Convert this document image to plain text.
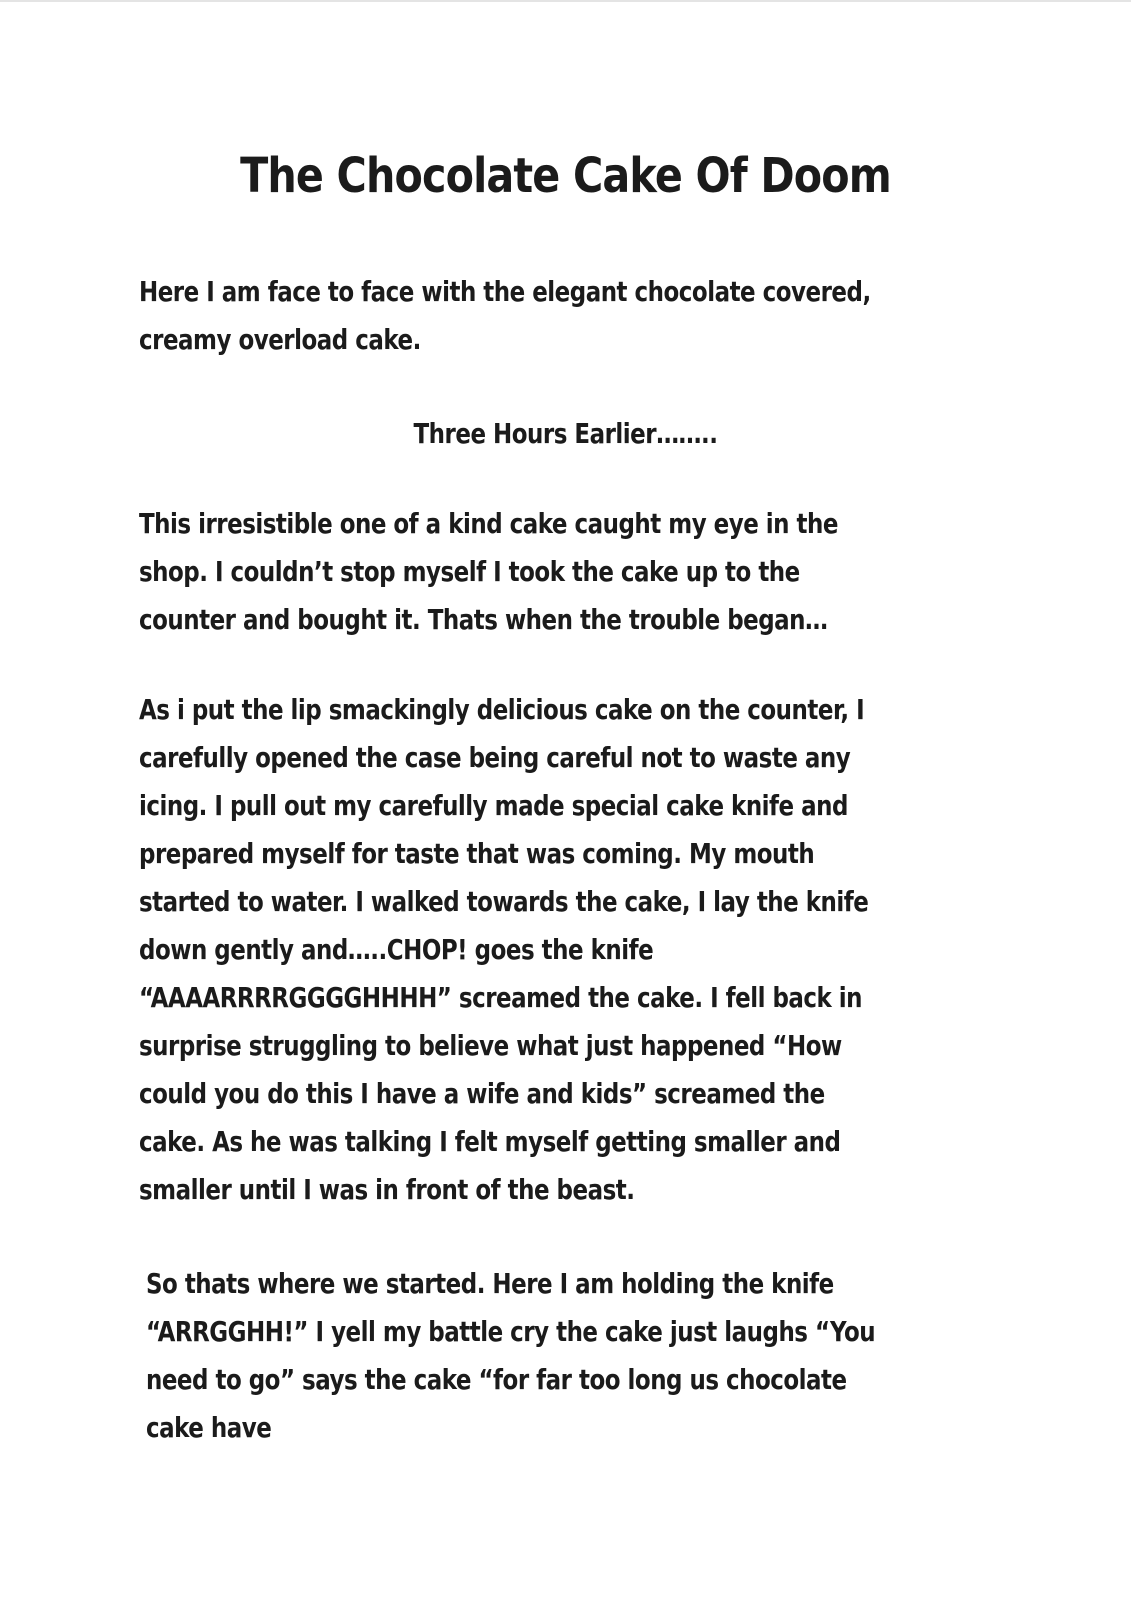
The Chocolate Cake Of Doom

Here I am face to face with the elegant chocolate covered, creamy overload cake.

Three Hours Earlier……..

This irresistible one of a kind cake caught my eye in the shop. I couldn’t stop myself I took the cake up to the counter and bought it. Thats when the trouble began…

As i put the lip smackingly delicious cake on the counter, I carefully opened the case being careful not to waste any icing. I pull out my carefully made special cake knife and prepared myself for taste that was coming. My mouth started to water. I walked towards the cake, I lay the knife down gently and…..CHOP! goes the knife “AAAARRRRGGGGHHHH” screamed the cake. I fell back in surprise struggling to believe what just happened “How could you do this I have a wife and kids” screamed the cake. As he was talking I felt myself getting smaller and smaller until I was in front of the beast.

So thats where we started. Here I am holding the knife “ARRGGHH!” I yell my battle cry the cake just laughs “You need to go” says the cake “for far too long us chocolate cake have
